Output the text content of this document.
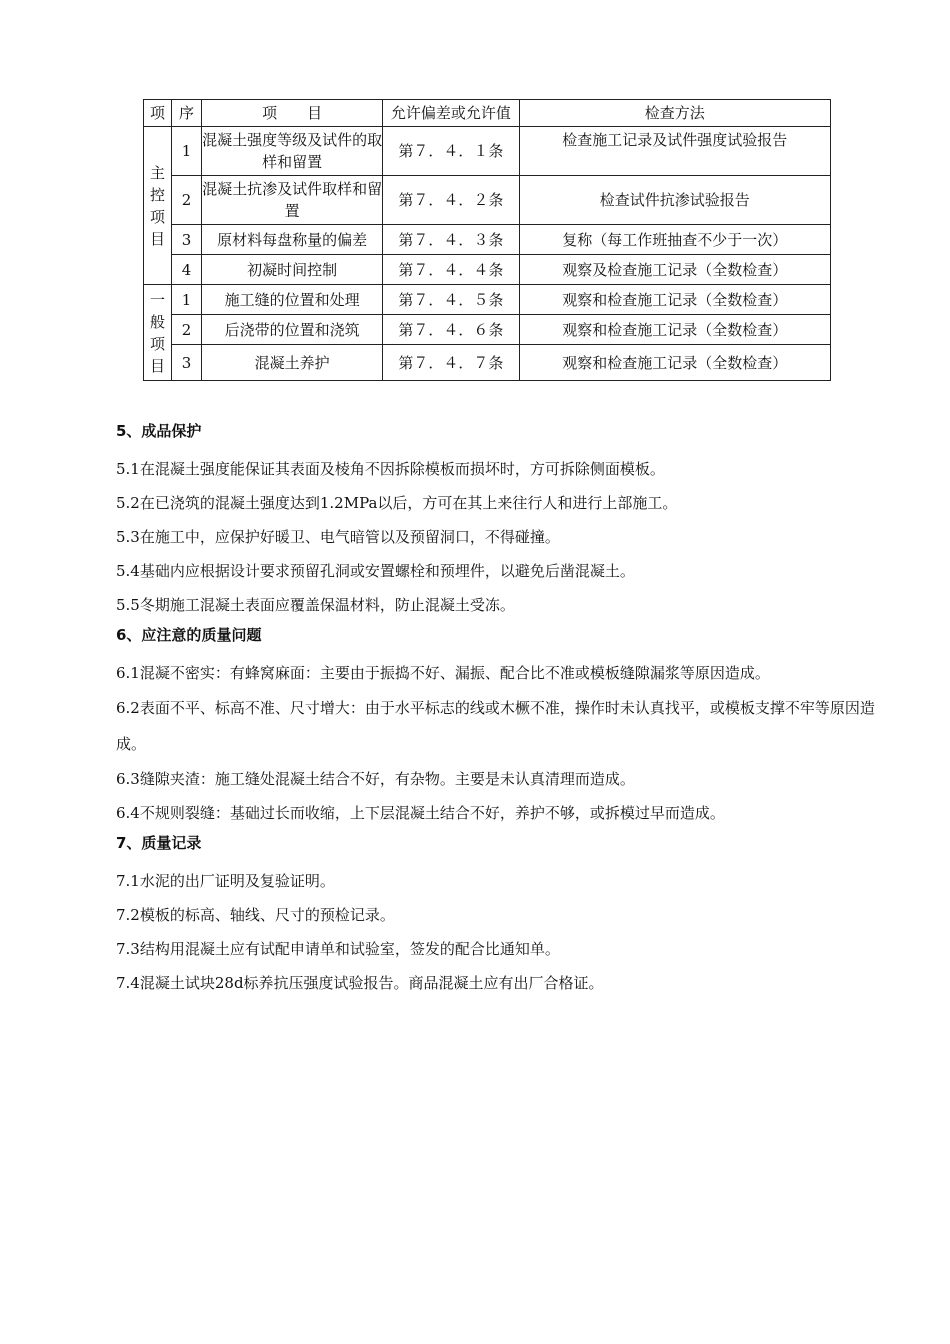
项	序	项　　目	允许偏差或允许值	检查方法

主
控
项
目	1	混凝土强度等级及试件的取样和留置	第７．４．１条	检查施工记录及试件强度试验报告
	2	混凝土抗渗及试件取样和留置	第７．４．２条	检查试件抗渗试验报告
	3	原材料每盘称量的偏差	第７．４．３条	复称（每工作班抽查不少于一次）
	4	初凝时间控制	第７．４．４条	观察及检查施工记录（全数检查）

一
般
项
目	1	施工缝的位置和处理	第７．４．５条	观察和检查施工记录（全数检查）
	2	后浇带的位置和浇筑	第７．４．６条	观察和检查施工记录（全数检查）
	3	混凝土养护	第７．４．７条	观察和检查施工记录（全数检查）

5、成品保护

5.1在混凝土强度能保证其表面及棱角不因拆除模板而损坏时，方可拆除侧面模板。

5.2在已浇筑的混凝土强度达到1.2MPa以后，方可在其上来往行人和进行上部施工。

5.3在施工中，应保护好暖卫、电气暗管以及预留洞口，不得碰撞。

5.4基础内应根据设计要求预留孔洞或安置螺栓和预埋件，以避免后凿混凝土。

5.5冬期施工混凝土表面应覆盖保温材料，防止混凝土受冻。

6、应注意的质量问题

6.1混凝不密实：有蜂窝麻面：主要由于振捣不好、漏振、配合比不准或模板缝隙漏浆等原因造成。

6.2表面不平、标高不准、尺寸增大：由于水平标志的线或木橛不准，操作时未认真找平，或模板支撑不牢等原因造成。

6.3缝隙夹渣：施工缝处混凝土结合不好，有杂物。主要是未认真清理而造成。

6.4不规则裂缝：基础过长而收缩，上下层混凝土结合不好，养护不够，或拆模过早而造成。

7、质量记录

7.1水泥的出厂证明及复验证明。

7.2模板的标高、轴线、尺寸的预检记录。

7.3结构用混凝土应有试配申请单和试验室，签发的配合比通知单。

7.4混凝土试块28d标养抗压强度试验报告。商品混凝土应有出厂合格证。
